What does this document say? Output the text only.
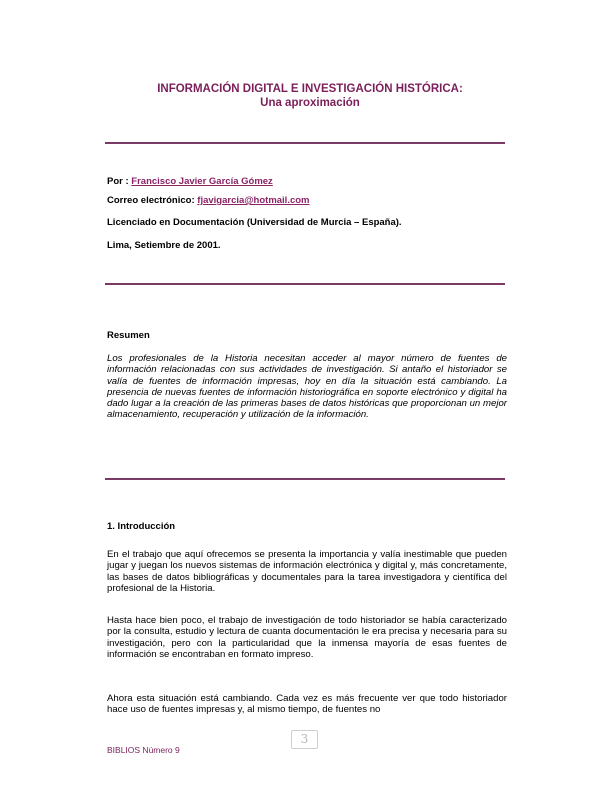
INFORMACIÓN DIGITAL E INVESTIGACIÓN HISTÓRICA:
Una aproximación
Por : Francisco Javier García Gómez
Correo electrónico: fjavigarcia@hotmail.com
Licenciado en Documentación (Universidad de Murcia – España).
Lima, Setiembre de 2001.
Resumen
Los profesionales de la Historia necesitan acceder al mayor número de fuentes de información relacionadas con sus actividades de investigación. Si antaño el historiador se valía de fuentes de información impresas, hoy en día la situación está cambiando. La presencia de nuevas fuentes de información historiográfica en soporte electrónico y digital ha dado lugar a la creación de las primeras bases de datos históricas que proporcionan un mejor almacenamiento, recuperación y utilización de la información.
1. Introducción
En el trabajo que aquí ofrecemos se presenta la importancia y valía inestimable que pueden jugar y juegan los nuevos sistemas de información electrónica y digital y, más concretamente, las bases de datos bibliográficas y documentales para la tarea investigadora y científica del profesional de la Historia.
Hasta hace bien poco, el trabajo de investigación de todo historiador se había caracterizado por la consulta, estudio y lectura de cuanta documentación le era precisa y necesaria para su investigación, pero con la particularidad que la inmensa mayoría de esas fuentes de información se encontraban en formato impreso.
Ahora esta situación está cambiando. Cada vez es más frecuente ver que todo historiador hace uso de fuentes impresas y, al mismo tiempo, de fuentes no
BIBLIOS Número 9
3
